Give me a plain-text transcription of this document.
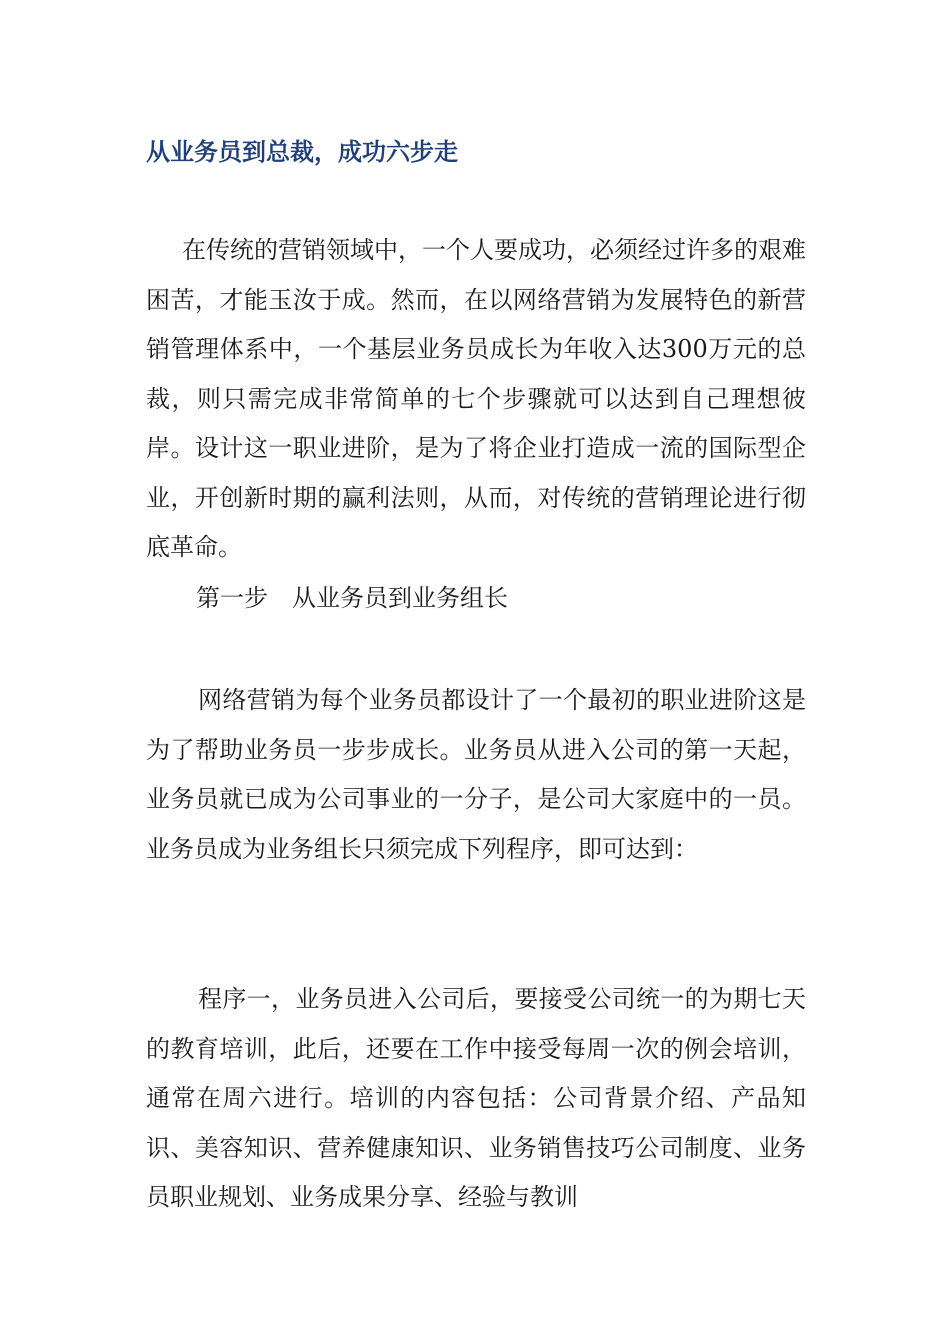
从业务员到总裁，成功六步走

在传统的营销领域中，一个人要成功，必须经过许多的艰难困苦，才能玉汝于成。然而，在以网络营销为发展特色的新营销管理体系中，一个基层业务员成长为年收入达300万元的总裁，则只需完成非常简单的七个步骤就可以达到自己理想彼岸。设计这一职业进阶，是为了将企业打造成一流的国际型企业，开创新时期的赢利法则，从而，对传统的营销理论进行彻底革命。

第一步　从业务员到业务组长

网络营销为每个业务员都设计了一个最初的职业进阶这是为了帮助业务员一步步成长。业务员从进入公司的第一天起，业务员就已成为公司事业的一分子，是公司大家庭中的一员。业务员成为业务组长只须完成下列程序，即可达到：

程序一，业务员进入公司后，要接受公司统一的为期七天的教育培训，此后，还要在工作中接受每周一次的例会培训，通常在周六进行。培训的内容包括：公司背景介绍、产品知识、美容知识、营养健康知识、业务销售技巧公司制度、业务员职业规划、业务成果分享、经验与教训
